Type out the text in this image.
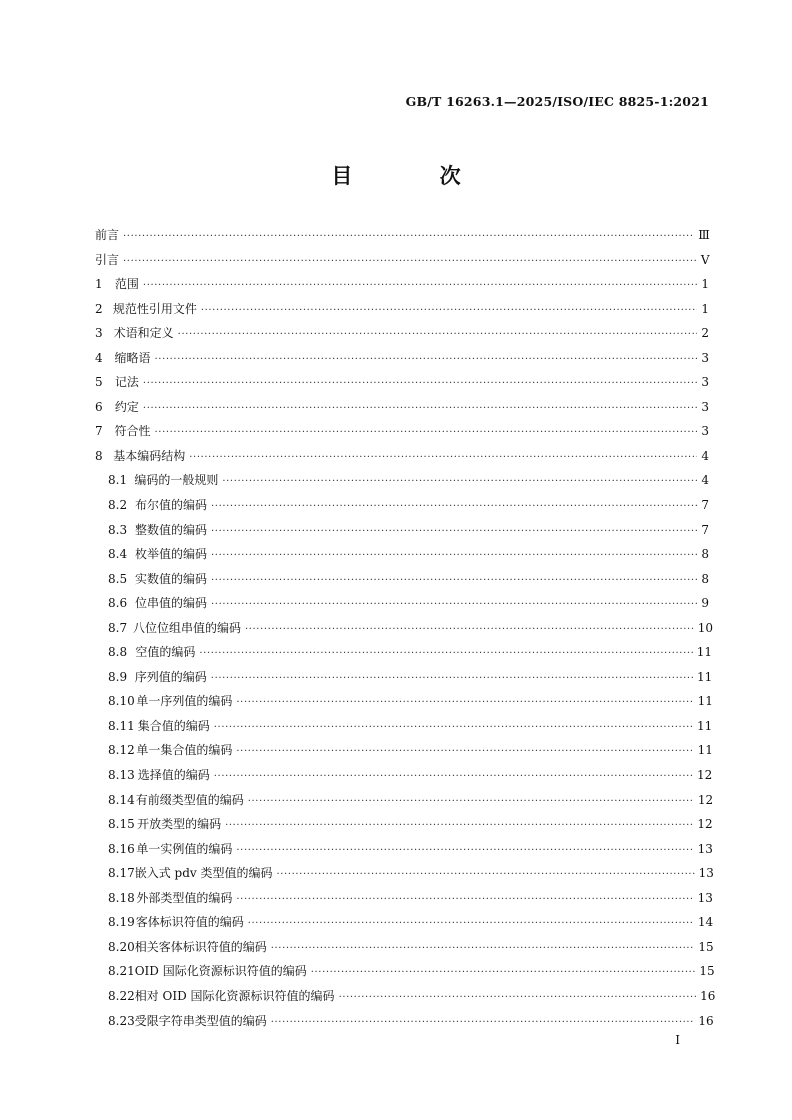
GB/T 16263.1—2025/ISO/IEC 8825-1:2021
目 次
前言 ·····	Ⅲ
引言 ·····	Ⅴ
1	范围 ·····	1
2 规范性引用文件 ·····	1
3 术语和定义 ·····	2
4 缩略语 ·····	3
5	记法 ·····	3
6	约定 ·····	3
7 符合性 ·····	3
8 基本编码结构 ·····	4
8.1 编码的一般规则 ·····	4
8.2 布尔值的编码 ·····	7
8.3 整数值的编码 ·····	7
8.4 枚举值的编码 ·····	8
8.5 实数值的编码 ·····	8
8.6 位串值的编码 ·····	9
8.7 八位位组串值的编码 ·····	10
8.8 空值的编码 ·····	11
8.9 序列值的编码 ·····	11
8.10 单一序列值的编码 ·····	11
8.11 集合值的编码 ·····	11
8.12 单一集合值的编码 ·····	11
8.13 选择值的编码 ·····	12
8.14 有前缀类型值的编码 ·····	12
8.15 开放类型的编码 ·····	12
8.16 单一实例值的编码 ·····	13
8.17 嵌入式 pdv 类型值的编码 ·····	13
8.18 外部类型值的编码 ·····	13
8.19 客体标识符值的编码 ·····	14
8.20 相关客体标识符值的编码 ·····	15
8.21 OID 国际化资源标识符值的编码 ·····	15
8.22 相对 OID 国际化资源标识符值的编码 ·····	16
8.23 受限字符串类型值的编码 ·····	16
Ⅰ
